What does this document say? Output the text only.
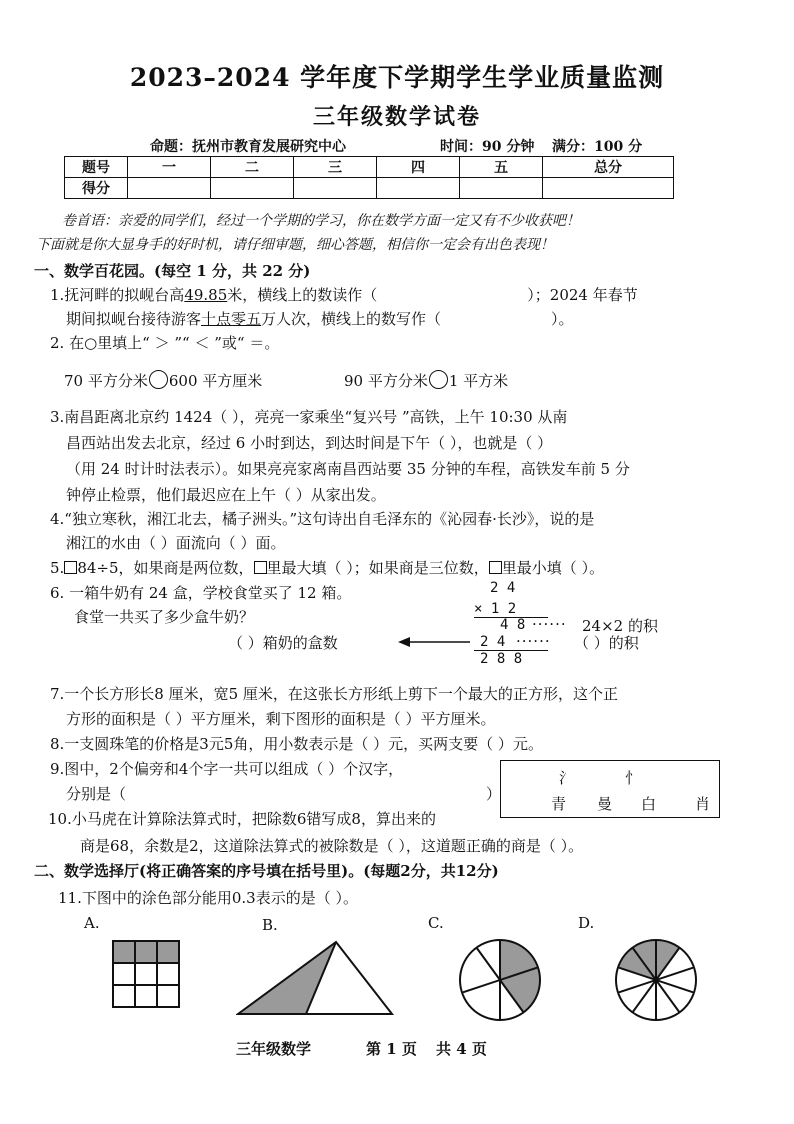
2023–2024 学年度下学期学生学业质量监测
三年级数学试卷
命题：抚州市教育发展研究中心	时间：90 分钟 满分：100 分
题号	一	二	三	四	五	总分
得分						
卷首语：亲爱的同学们，经过一个学期的学习，你在数学方面一定又有不少收获吧！
下面就是你大显身手的好时机，请仔细审题，细心答题，相信你一定会有出色表现！
一、数学百花园。(每空 1 分，共 22 分)
1.抚河畔的拟岘台高49.85米，横线上的数读作（	）；2024 年春节
期间拟岘台接待游客十点零五万人次，横线上的数写作（	）。
2. 在○里填上“ ＞ ”“ ＜ ”或“ ＝。
70 平方分米 600 平方厘米	90 平方分米 1 平方米
3.南昌距离北京约 1424（ ），亮亮一家乘坐“复兴号 ”高铁，上午 10:30 从南
昌西站出发去北京，经过 6 小时到达，到达时间是下午（ ），也就是（ ）
（用 24 时计时法表示）。如果亮亮家离南昌西站要 35 分钟的车程，高铁发车前 5 分
钟停止检票，他们最迟应在上午（ ）从家出发。
4.“独立寒秋，湘江北去，橘子洲头。”这句诗出自毛泽东的《沁园春·长沙》，说的是
湘江的水由（ ）面流向（ ）面。
5. 84÷5，如果商是两位数， 里最大填（ ）；如果商是三位数， 里最小填（ ）。
6. 一箱牛奶有 24 盒，学校食堂买了 12 箱。
食堂一共买了多少盒牛奶？
（ ）箱奶的盒数
2 4
× 1 2
4 8 ······ 24×2 的积
2 4 ······ （ ）的积
2 8 8
7.一个长方形长8 厘米，宽5 厘米，在这张长方形纸上剪下一个最大的正方形，这个正
方形的面积是（ ）平方厘米，剩下图形的面积是（ ）平方厘米。
8.一支圆珠笔的价格是3元5角，用小数表示是（ ）元，买两支要（ ）元。
9.图中，2个偏旁和4个字一共可以组成（ ）个汉字，
分别是（	）
氵	忄
青 曼 白	肖
10.小马虎在计算除法算式时，把除数6错写成8，算出来的
商是68，余数是2，这道除法算式的被除数是（ ），这道题正确的商是（ ）。
二、数学选择厅(将正确答案的序号填在括号里)。(每题2分，共12分)
11.下图中的涂色部分能用0.3表示的是（ ）。
A.	B.	C.	D.
三年级数学	第 1 页 共 4 页
